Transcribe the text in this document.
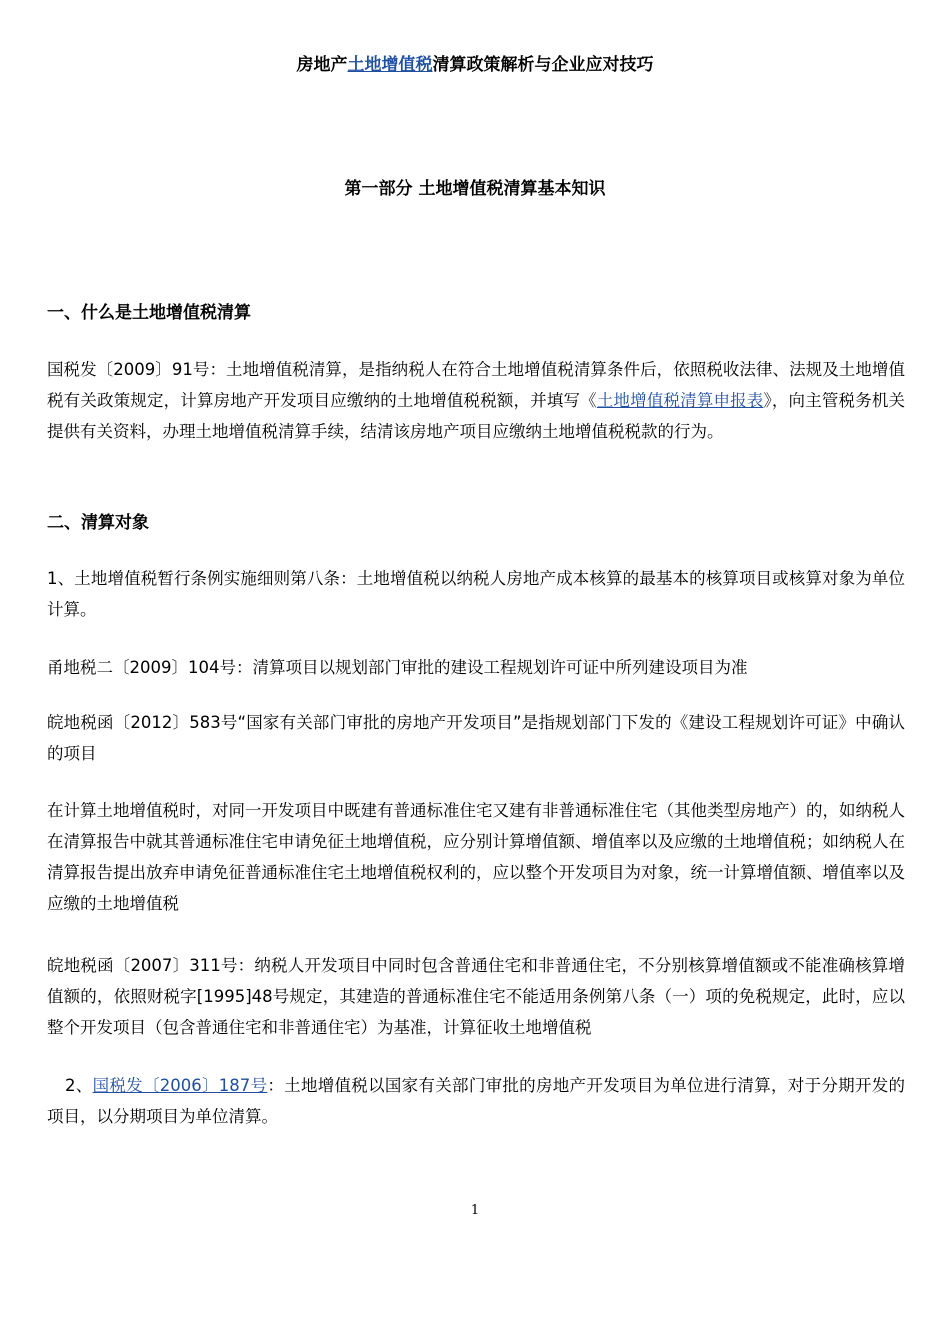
房地产土地增值税清算政策解析与企业应对技巧
第一部分 土地增值税清算基本知识
一、什么是土地增值税清算

国税发〔2009〕91号：土地增值税清算，是指纳税人在符合土地增值税清算条件后，依照税收法律、法规及土地增值税有关政策规定，计算房地产开发项目应缴纳的土地增值税税额，并填写《土地增值税清算申报表》，向主管税务机关提供有关资料，办理土地增值税清算手续，结清该房地产项目应缴纳土地增值税税款的行为。

二、清算对象

1、土地增值税暂行条例实施细则第八条：土地增值税以纳税人房地产成本核算的最基本的核算项目或核算对象为单位计算。

甬地税二〔2009〕104号：清算项目以规划部门审批的建设工程规划许可证中所列建设项目为准

皖地税函〔2012〕583号“国家有关部门审批的房地产开发项目”是指规划部门下发的《建设工程规划许可证》中确认的项目

在计算土地增值税时，对同一开发项目中既建有普通标准住宅又建有非普通标准住宅（其他类型房地产）的，如纳税人在清算报告中就其普通标准住宅申请免征土地增值税，应分别计算增值额、增值率以及应缴的土地增值税；如纳税人在清算报告提出放弃申请免征普通标准住宅土地增值税权利的，应以整个开发项目为对象，统一计算增值额、增值率以及应缴的土地增值税

皖地税函〔2007〕311号：纳税人开发项目中同时包含普通住宅和非普通住宅，不分别核算增值额或不能准确核算增值额的，依照财税字[1995]48号规定，其建造的普通标准住宅不能适用条例第八条（一）项的免税规定，此时，应以整个开发项目（包含普通住宅和非普通住宅）为基准，计算征收土地增值税

2、国税发〔2006〕187号：土地增值税以国家有关部门审批的房地产开发项目为单位进行清算，对于分期开发的项目，以分期项目为单位清算。

1
